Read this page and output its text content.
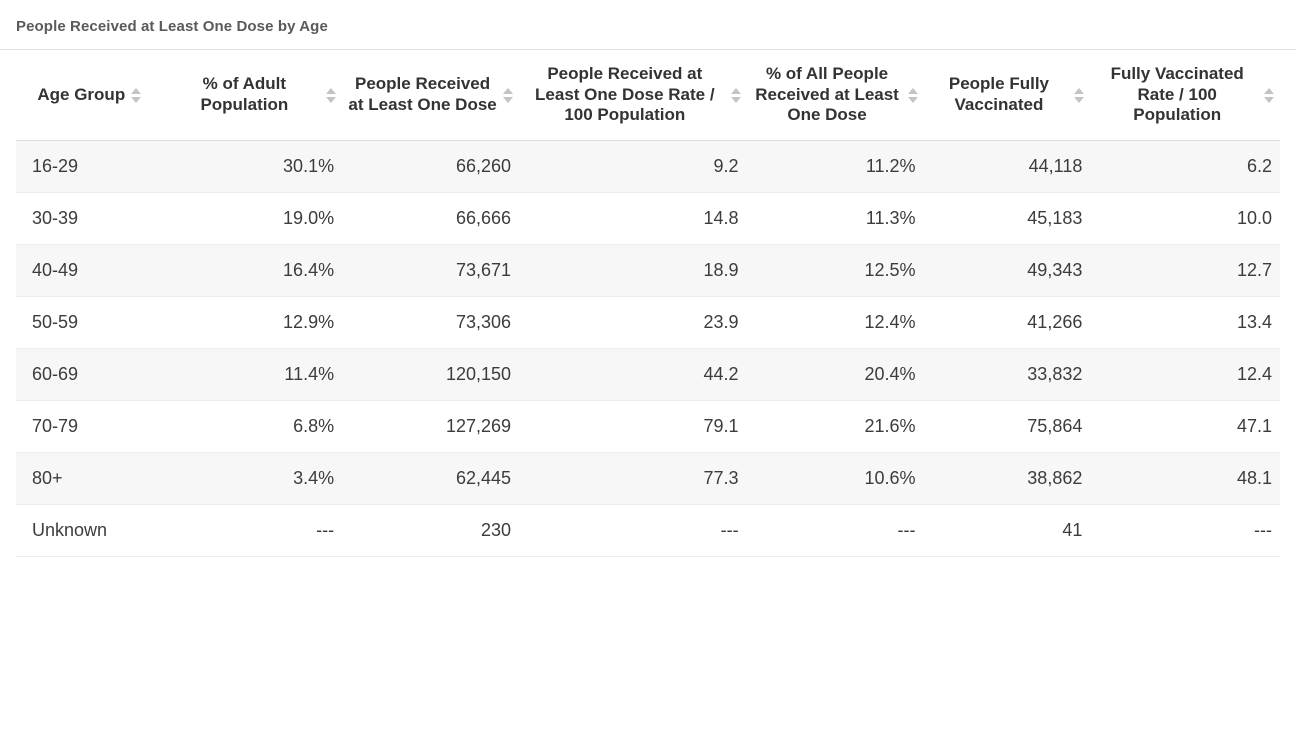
People Received at Least One Dose by Age
Age Group	% of Adult Population	People Received at Least One Dose	People Received at Least One Dose Rate / 100 Population	% of All People Received at Least One Dose	People Fully Vaccinated	Fully Vaccinated Rate / 100 Population

16-29	30.1%	66,260	9.2	11.2%	44,118	6.2
30-39	19.0%	66,666	14.8	11.3%	45,183	10.0
40-49	16.4%	73,671	18.9	12.5%	49,343	12.7
50-59	12.9%	73,306	23.9	12.4%	41,266	13.4
60-69	11.4%	120,150	44.2	20.4%	33,832	12.4
70-79	6.8%	127,269	79.1	21.6%	75,864	47.1
80+	3.4%	62,445	77.3	10.6%	38,862	48.1
Unknown	---	230	---	---	41	---
